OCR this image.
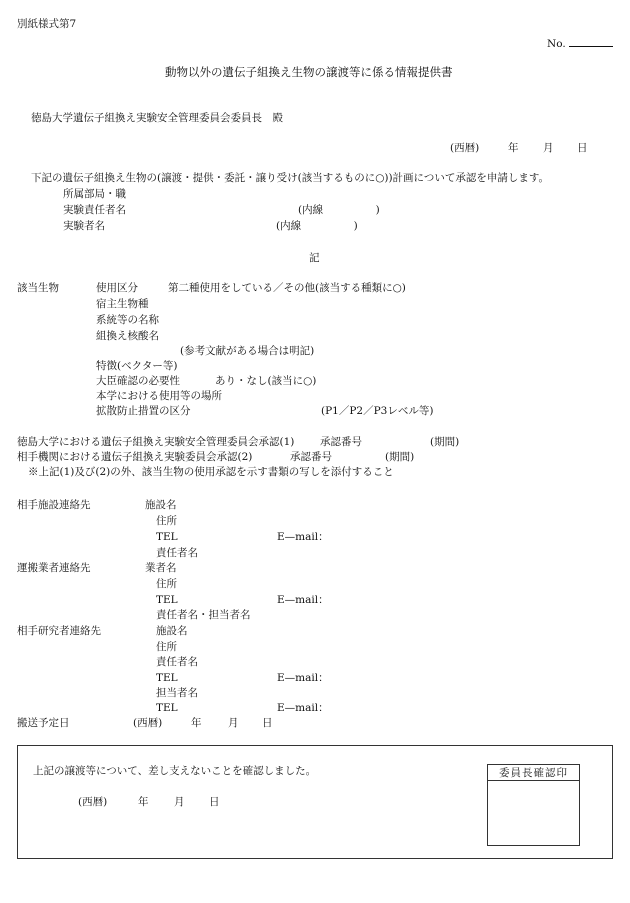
別紙様式第7
No.
動物以外の遺伝子組換え生物の譲渡等に係る情報提供書
徳島大学遺伝子組換え実験安全管理委員会委員長　殿
(西暦)	年 月 日
下記の遺伝子組換え生物の(譲渡・提供・委託・譲り受け(該当するものに○))計画について承認を申請します。
所属部局・職
実験責任者名	(内線　　　　　)
実験者名	(内線　　　　　)
記
該当生物	使用区分	第二種使用をしている／その他(該当する種類に○)
宿主生物種
系統等の名称
組換え核酸名
(参考文献がある場合は明記)
特徴(ベクター等)
大臣確認の必要性	あり・なし(該当に○)
本学における使用等の場所
拡散防止措置の区分	(P1／P2／P3レベル等)
徳島大学における遺伝子組換え実験安全管理委員会承認(1) 承認番号	(期間)
相手機関における遺伝子組換え実験委員会承認(2)	承認番号	(期間)
※上記(1)及び(2)の外、該当生物の使用承認を示す書類の写しを添付すること
相手施設連絡先	施設名
住所
TEL	E—mail：
責任者名
運搬業者連絡先	業者名
住所
TEL	E—mail：
責任者名・担当者名
相手研究者連絡先	施設名
住所
責任者名
TEL	E—mail：
担当者名
TEL	E—mail：
搬送予定日	(西暦)	年	月 日
上記の譲渡等について、差し支えないことを確認しました。
(西暦)	年 月 日
委員長確認印
